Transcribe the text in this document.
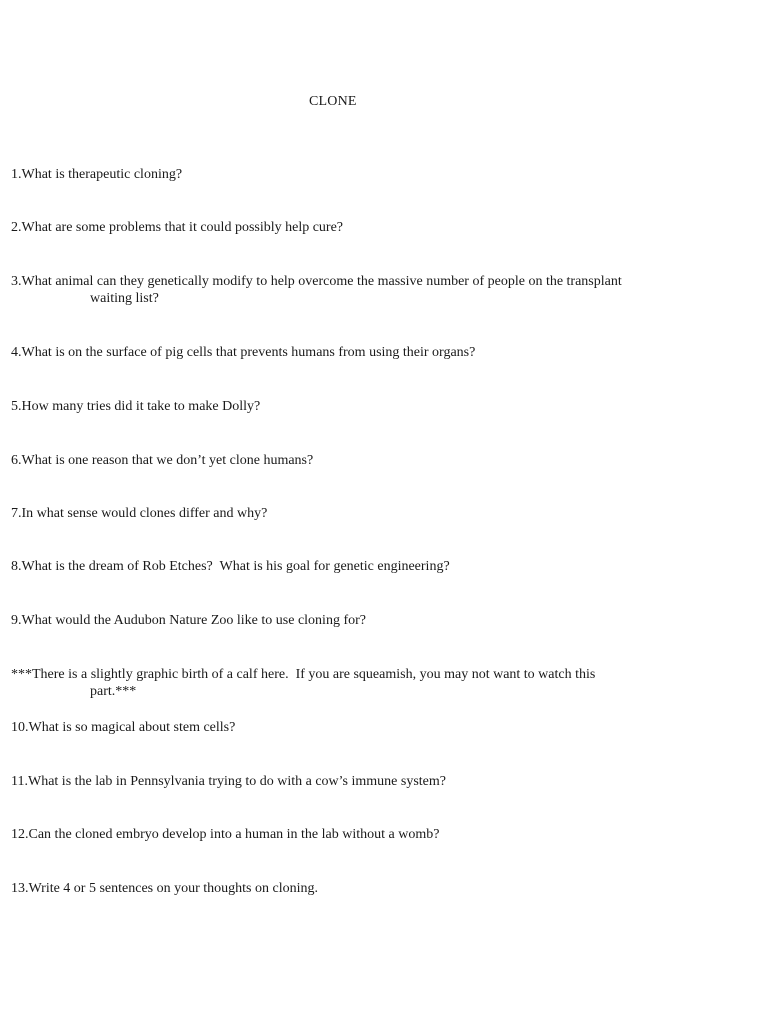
CLONE
1.What is therapeutic cloning?
2.What are some problems that it could possibly help cure?
3.What animal can they genetically modify to help overcome the massive number of people on the transplant
waiting list?
4.What is on the surface of pig cells that prevents humans from using their organs?
5.How many tries did it take to make Dolly?
6.What is one reason that we don’t yet clone humans?
7.In what sense would clones differ and why?
8.What is the dream of Rob Etches?  What is his goal for genetic engineering?
9.What would the Audubon Nature Zoo like to use cloning for?
***There is a slightly graphic birth of a calf here.  If you are squeamish, you may not want to watch this
part.***
10.What is so magical about stem cells?
11.What is the lab in Pennsylvania trying to do with a cow’s immune system?
12.Can the cloned embryo develop into a human in the lab without a womb?
13.Write 4 or 5 sentences on your thoughts on cloning.
